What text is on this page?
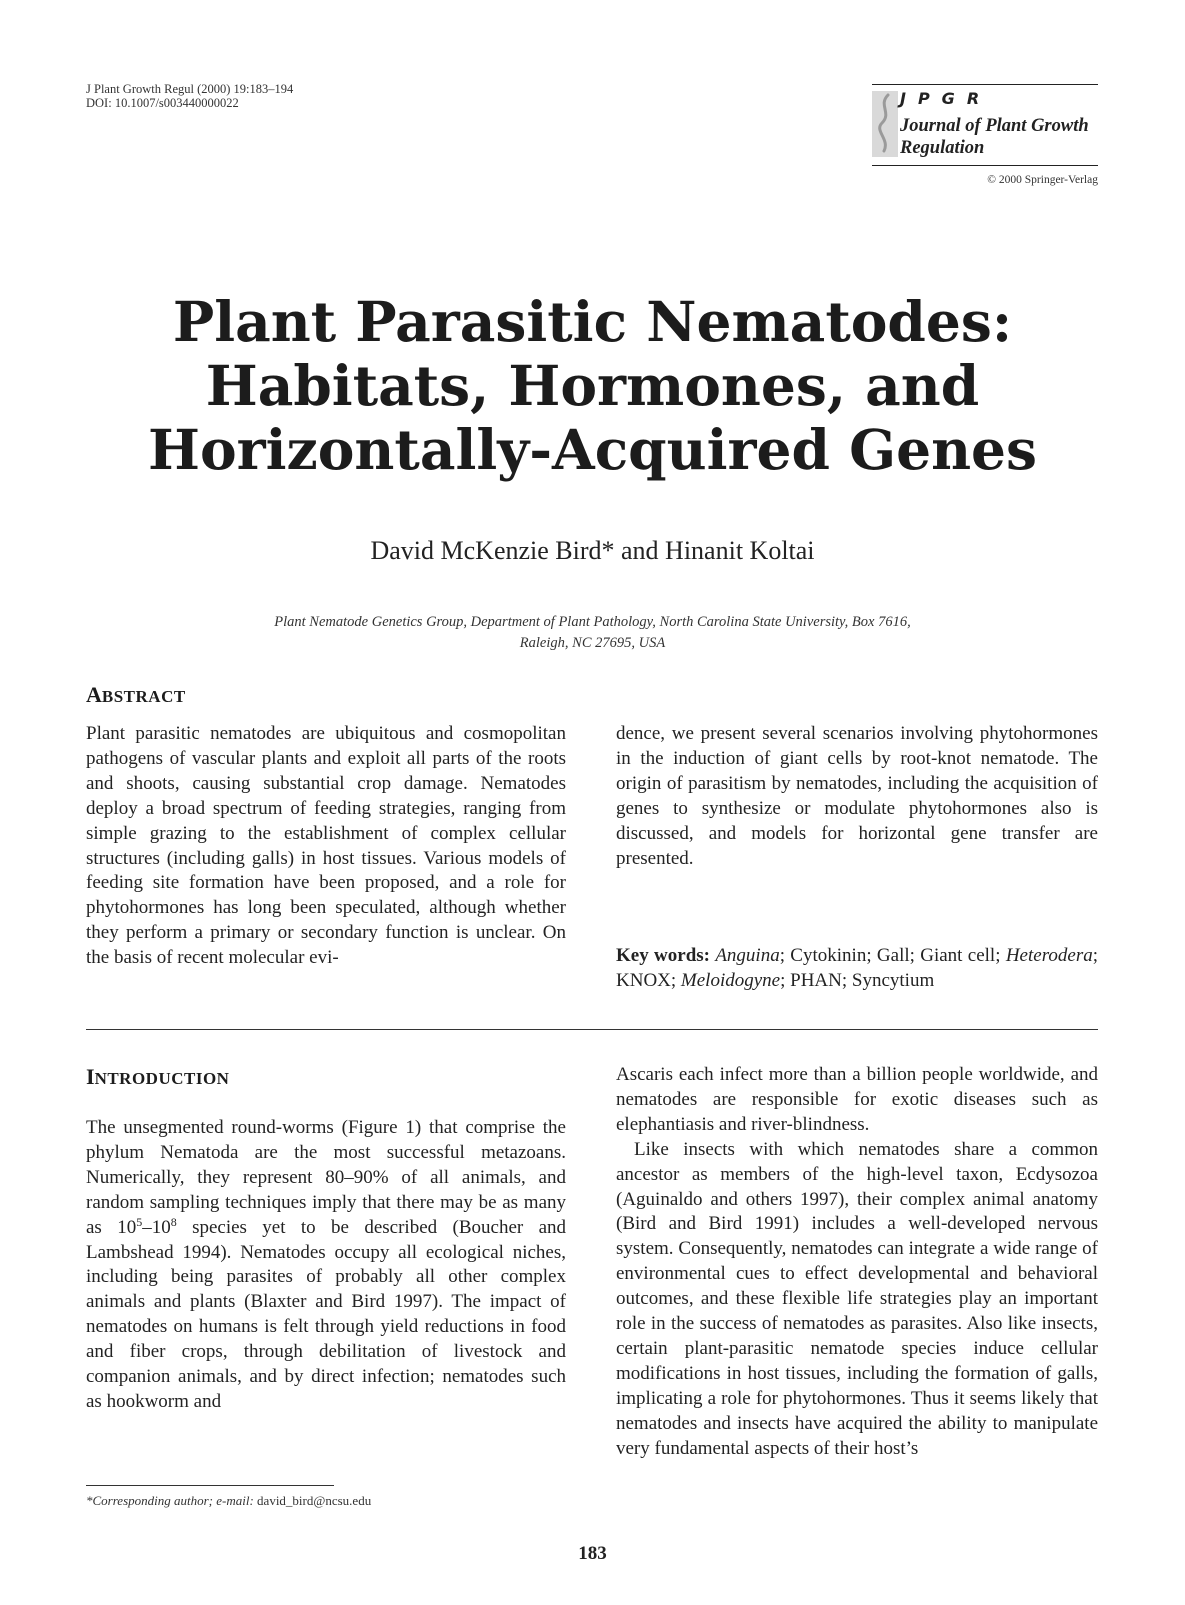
J Plant Growth Regul (2000) 19:183–194
DOI: 10.1007/s003440000022	JPGR
Journal of Plant Growth Regulation
© 2000 Springer-Verlag
Plant Parasitic Nematodes:
Habitats, Hormones, and
Horizontally-Acquired Genes
David McKenzie Bird* and Hinanit Koltai
Plant Nematode Genetics Group, Department of Plant Pathology, North Carolina State University, Box 7616,
Raleigh, NC 27695, USA
ABSTRACT

Plant parasitic nematodes are ubiquitous and cosmopolitan pathogens of vascular plants and exploit all parts of the roots and shoots, causing substantial crop damage. Nematodes deploy a broad spectrum of feeding strategies, ranging from simple grazing to the establishment of complex cellular structures (including galls) in host tissues. Various models of feeding site formation have been proposed, and a role for phytohormones has long been speculated, although whether they perform a primary or secondary function is unclear. On the basis of recent molecular evi-

dence, we present several scenarios involving phytohormones in the induction of giant cells by root-knot nematode. The origin of parasitism by nematodes, including the acquisition of genes to synthesize or modulate phytohormones also is discussed, and models for horizontal gene transfer are presented.

Key words: Anguina; Cytokinin; Gall; Giant cell; Heterodera; KNOX; Meloidogyne; PHAN; Syncytium

INTRODUCTION

The unsegmented round-worms (Figure 1) that comprise the phylum Nematoda are the most successful metazoans. Numerically, they represent 80–90% of all animals, and random sampling techniques imply that there may be as many as $10^5-10^8$ species yet to be described (Boucher and Lambshead 1994). Nematodes occupy all ecological niches, including being parasites of probably all other complex animals and plants (Blaxter and Bird 1997). The impact of nematodes on humans is felt through yield reductions in food and fiber crops, through debilitation of livestock and companion animals, and by direct infection; nematodes such as hookworm and

Ascaris each infect more than a billion people worldwide, and nematodes are responsible for exotic diseases such as elephantiasis and river-blindness.

Like insects with which nematodes share a common ancestor as members of the high-level taxon, Ecdysozoa (Aguinaldo and others 1997), their complex animal anatomy (Bird and Bird 1991) includes a well-developed nervous system. Consequently, nematodes can integrate a wide range of environmental cues to effect developmental and behavioral outcomes, and these flexible life strategies play an important role in the success of nematodes as parasites. Also like insects, certain plant-parasitic nematode species induce cellular modifications in host tissues, including the formation of galls, implicating a role for phytohormones. Thus it seems likely that nematodes and insects have acquired the ability to manipulate very fundamental aspects of their host’s

*Corresponding author; e-mail: david_bird@ncsu.edu
183
